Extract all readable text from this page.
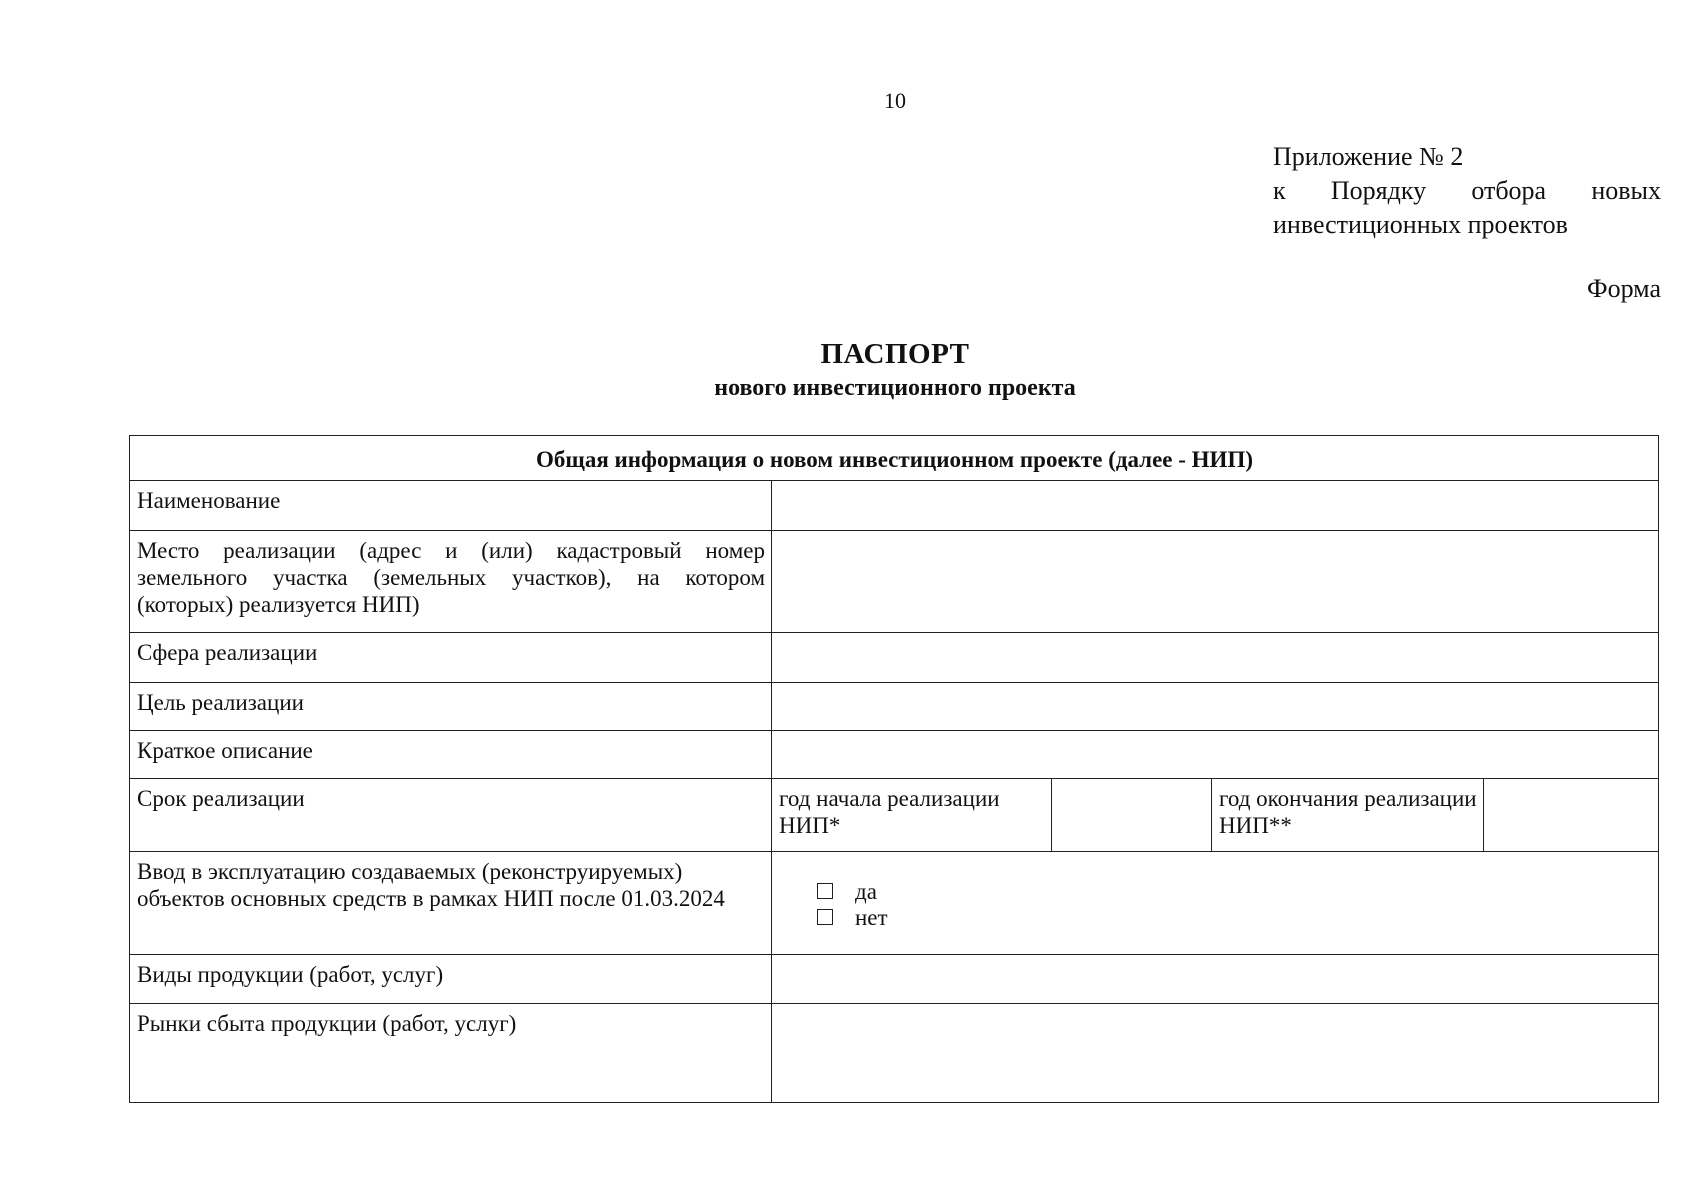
10
Приложение № 2
к Порядку отбора новых
инвестиционных проектов
Форма
ПАСПОРТ
нового инвестиционного проекта
Общая информация о новом инвестиционном проекте (далее - НИП)				
Наименование				
Место реализации (адрес и (или) кадастровый номер земельного участка (земельных участков), на котором (которых) реализуется НИП)				
Сфера реализации				
Цель реализации				
Краткое описание				
Срок реализации	год начала реализации НИП*		год окончания реализации НИП**	
Ввод в эксплуатацию создаваемых (реконструируемых) объектов основных средств в рамках НИП после 01.03.2024	да
нет			

Виды продукции (работ, услуг)				
Рынки сбыта продукции (работ, услуг)				
